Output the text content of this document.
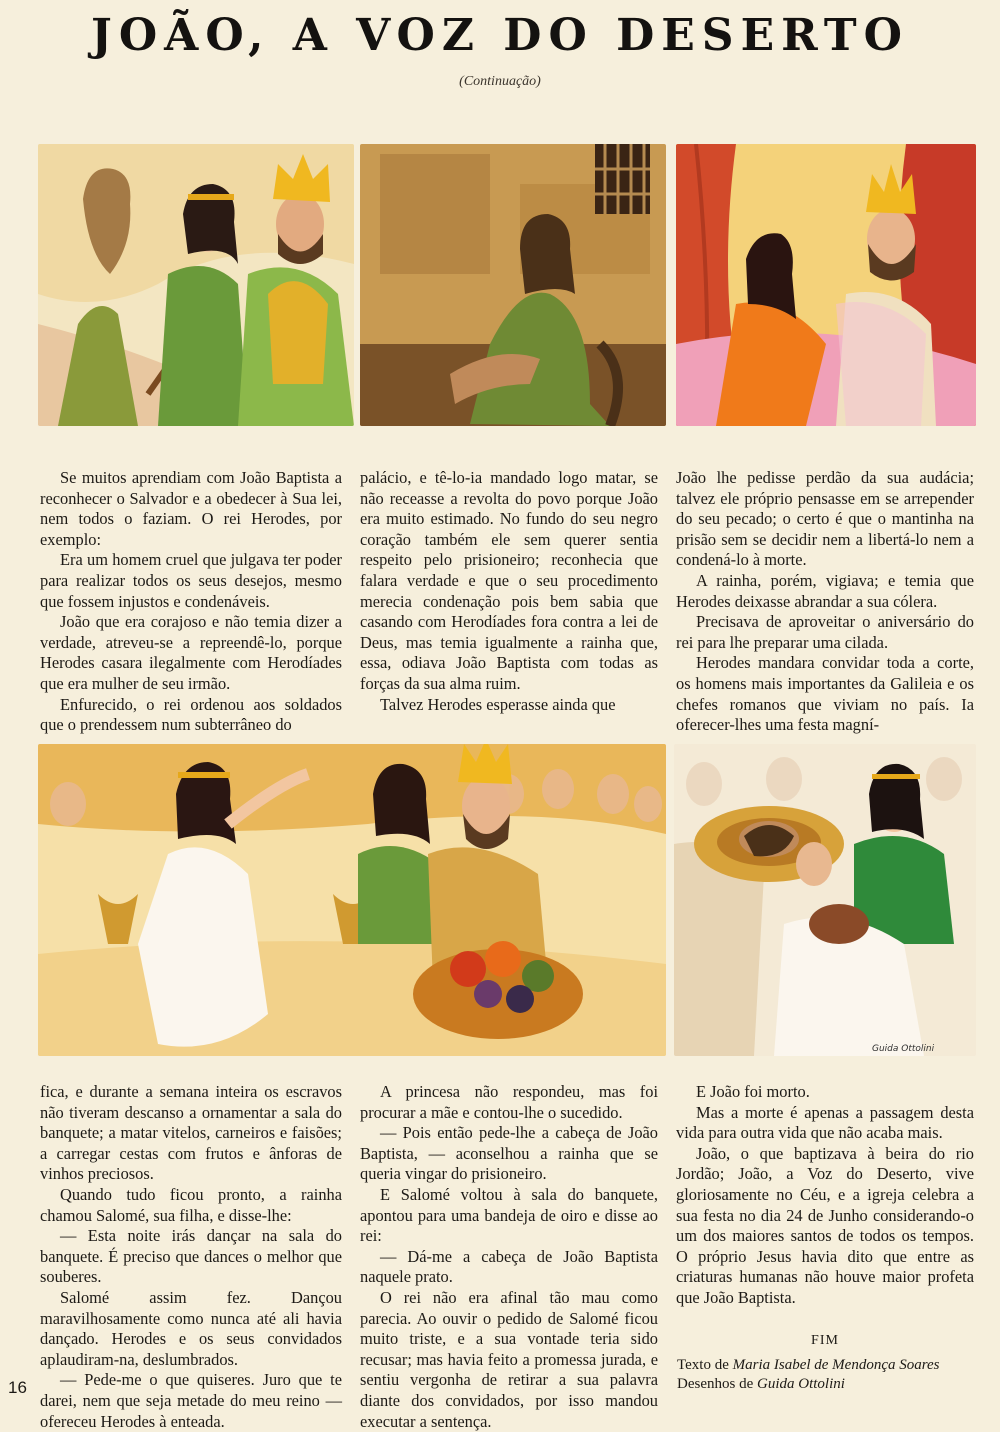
JOÃO, A VOZ DO DESERTO
(Continuação)
Guida Ottolini

Se muitos aprendiam com João Baptista a reconhecer o Salvador e a obedecer à Sua lei, nem todos o faziam. O rei Herodes, por exemplo:

Era um homem cruel que julgava ter poder para realizar todos os seus desejos, mesmo que fossem injustos e condenáveis.

João que era corajoso e não temia dizer a verdade, atreveu-se a repreendê-lo, porque Herodes casara ilegalmente com Herodíades que era mulher de seu irmão.

Enfurecido, o rei ordenou aos soldados que o prendessem num subterrâneo do

palácio, e tê-lo-ia mandado logo matar, se não receasse a revolta do povo porque João era muito estimado. No fundo do seu negro coração também ele sem querer sentia respeito pelo prisioneiro; reconhecia que falara verdade e que o seu procedimento merecia condenação pois bem sabia que casando com Herodíades fora contra a lei de Deus, mas temia igualmente a rainha que, essa, odiava João Baptista com todas as forças da sua alma ruim.

Talvez Herodes esperasse ainda que

João lhe pedisse perdão da sua audácia; talvez ele próprio pensasse em se arrepender do seu pecado; o certo é que o mantinha na prisão sem se decidir nem a libertá-lo nem a condená-lo à morte.

A rainha, porém, vigiava; e temia que Herodes deixasse abrandar a sua cólera.

Precisava de aproveitar o aniversário do rei para lhe preparar uma cilada.

Herodes mandara convidar toda a corte, os homens mais importantes da Galileia e os chefes romanos que viviam no país. Ia oferecer-lhes uma festa magní-

fica, e durante a semana inteira os escravos não tiveram descanso a ornamentar a sala do banquete; a matar vitelos, carneiros e faisões; a carregar cestas com frutos e ânforas de vinhos preciosos.

Quando tudo ficou pronto, a rainha chamou Salomé, sua filha, e disse-lhe:

— Esta noite irás dançar na sala do banquete. É preciso que dances o melhor que souberes.

Salomé assim fez. Dançou maravilhosamente como nunca até ali havia dançado. Herodes e os seus convidados aplaudiram-na, deslumbrados.

— Pede-me o que quiseres. Juro que te darei, nem que seja metade do meu reino — ofereceu Herodes à enteada.

A princesa não respondeu, mas foi procurar a mãe e contou-lhe o sucedido.

— Pois então pede-lhe a cabeça de João Baptista, — aconselhou a rainha que se queria vingar do prisioneiro.

E Salomé voltou à sala do banquete, apontou para uma bandeja de oiro e disse ao rei:

— Dá-me a cabeça de João Baptista naquele prato.

O rei não era afinal tão mau como parecia. Ao ouvir o pedido de Salomé ficou muito triste, e a sua vontade teria sido recusar; mas havia feito a promessa jurada, e sentiu vergonha de retirar a sua palavra diante dos convidados, por isso mandou executar a sentença.

E João foi morto.

Mas a morte é apenas a passagem desta vida para outra vida que não acaba mais.

João, o que baptizava à beira do rio Jordão; João, a Voz do Deserto, vive gloriosamente no Céu, e a igreja celebra a sua festa no dia 24 de Junho considerando-o um dos maiores santos de todos os tempos. O próprio Jesus havia dito que entre as criaturas humanas não houve maior profeta que João Baptista.

FIM

Texto de Maria Isabel de Mendonça Soares
Desenhos de Guida Ottolini
16
